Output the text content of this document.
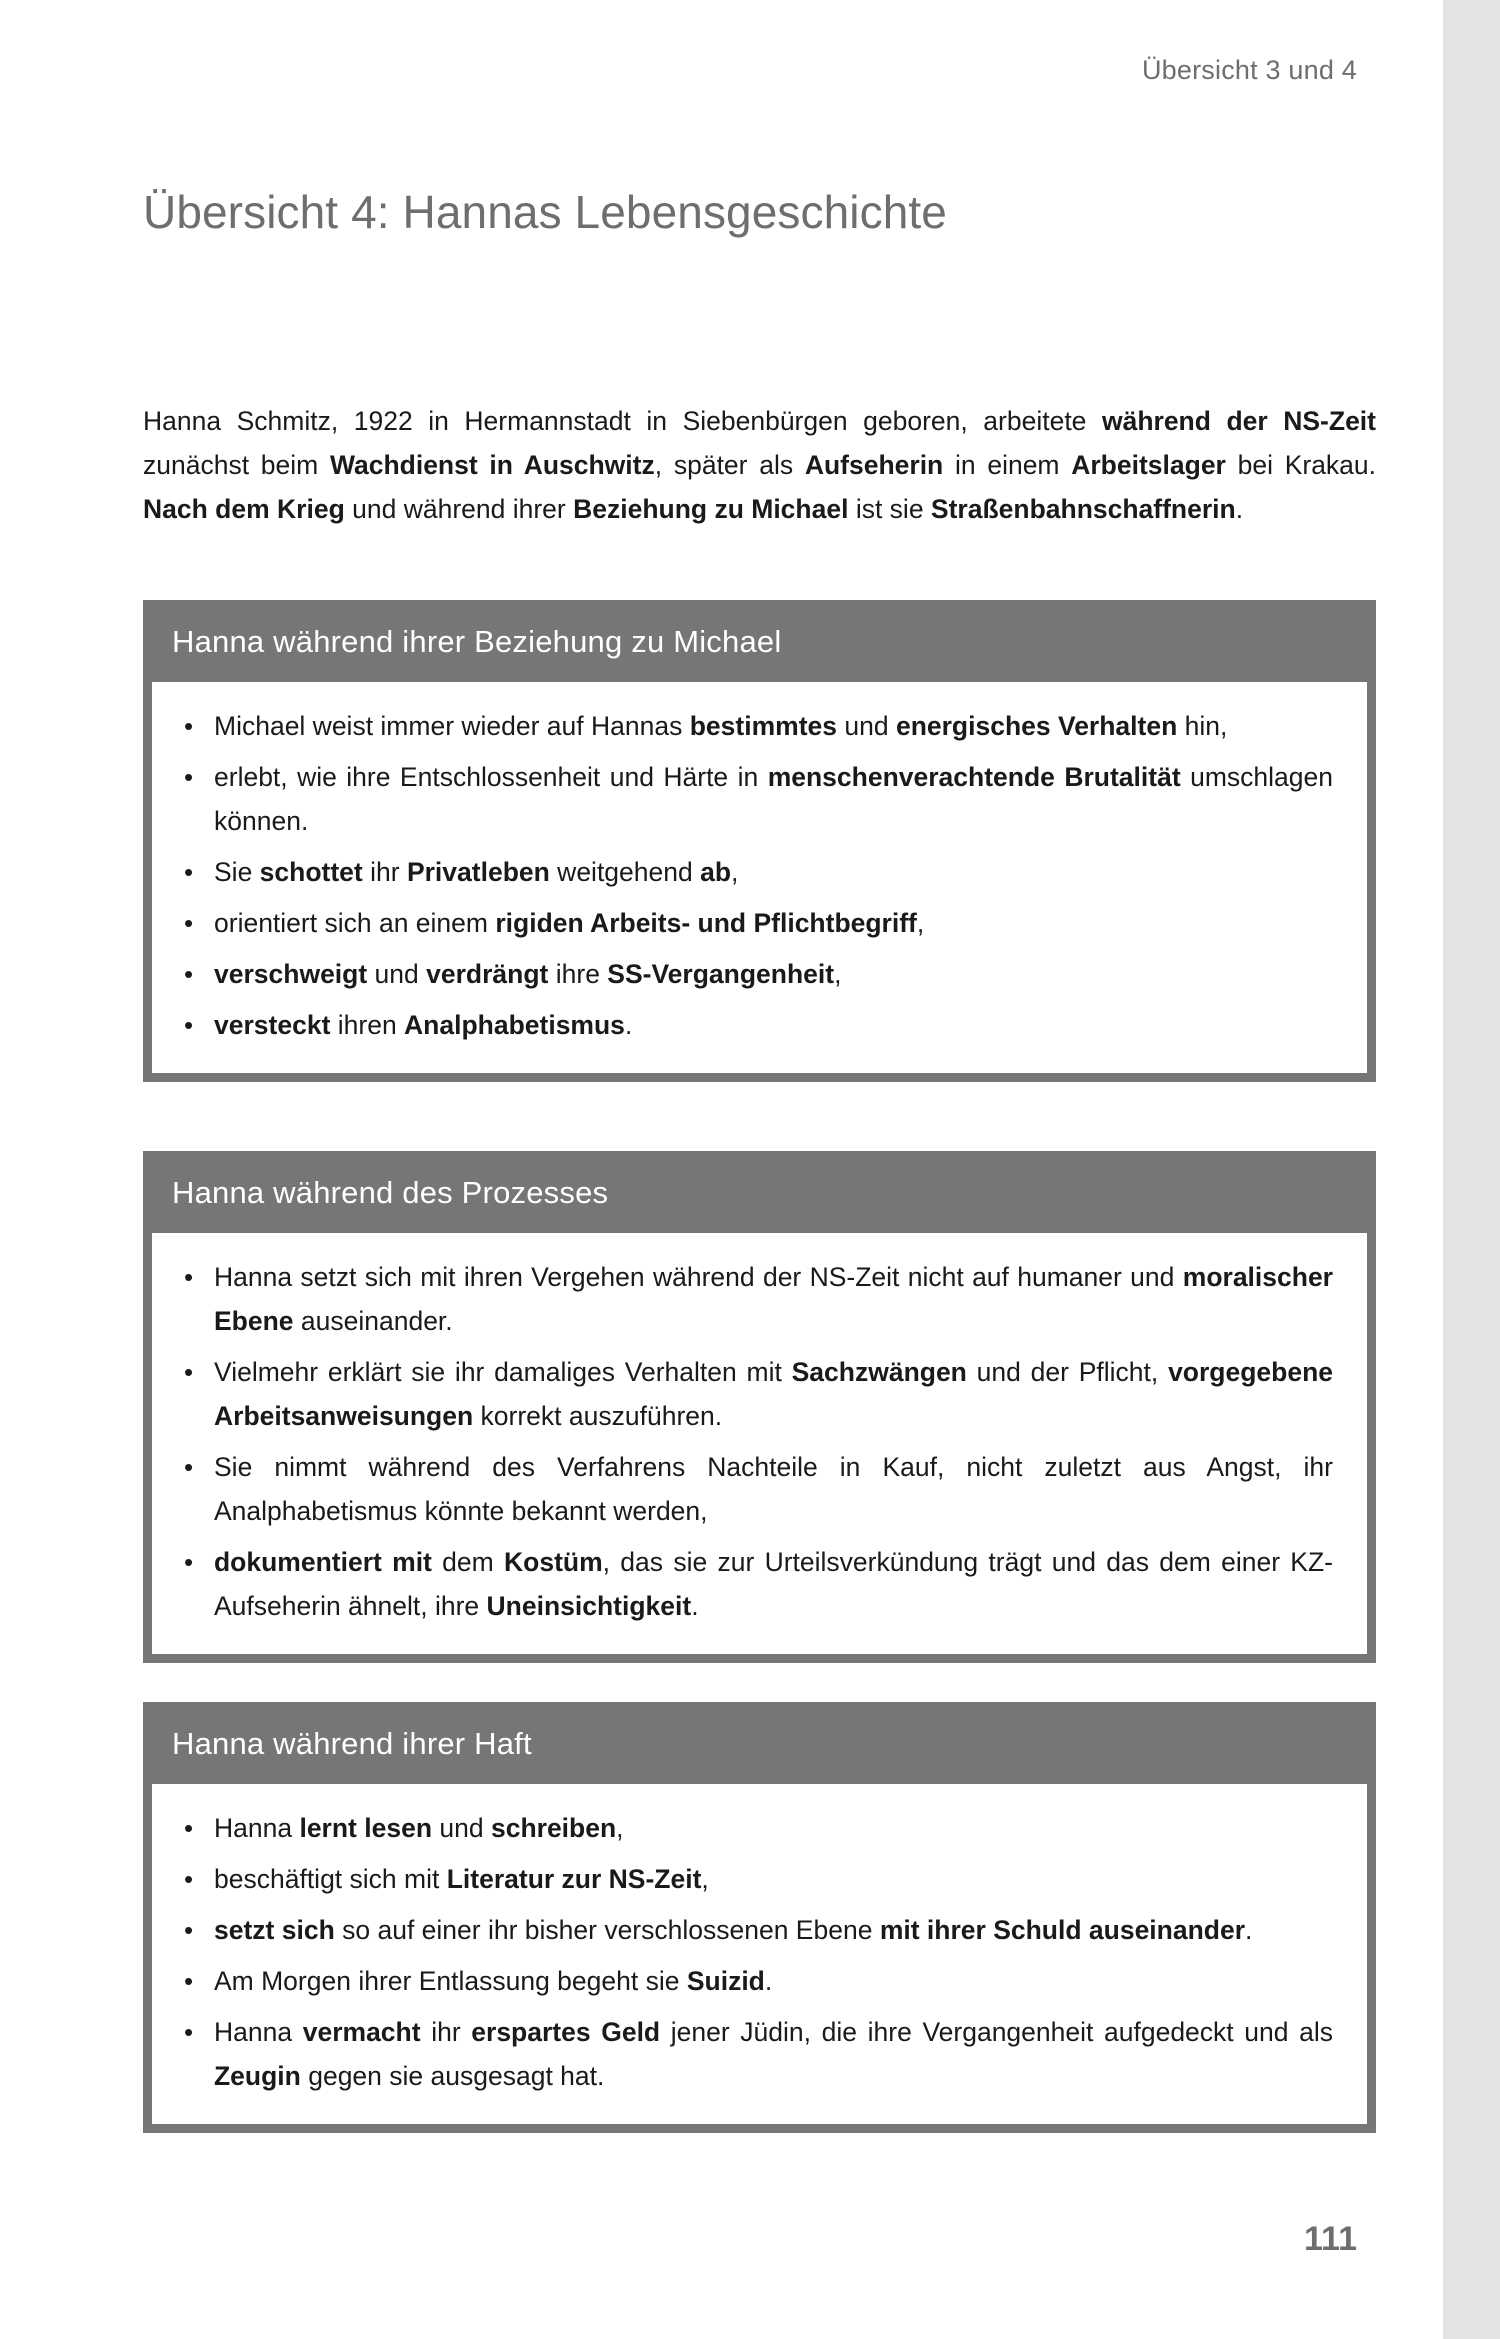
Übersicht 3 und 4
Übersicht 4: Hannas Lebensgeschichte

Hanna Schmitz, 1922 in Hermannstadt in Siebenbürgen geboren, arbeitete während der NS-Zeit zunächst beim Wachdienst in Auschwitz, später als Aufseherin in einem Arbeitslager bei Krakau. Nach dem Krieg und während ihrer Beziehung zu Michael ist sie Straßenbahnschaffnerin.

Hanna während ihrer Beziehung zu Michael
• Michael weist immer wieder auf Hannas bestimmtes und energisches Verhalten hin,
• erlebt, wie ihre Entschlossenheit und Härte in menschenverachtende Brutalität umschlagen können.
• Sie schottet ihr Privatleben weitgehend ab,
• orientiert sich an einem rigiden Arbeits- und Pflichtbegriff,
• verschweigt und verdrängt ihre SS-Vergangenheit,
• versteckt ihren Analphabetismus.
Hanna während des Prozesses
• Hanna setzt sich mit ihren Vergehen während der NS-Zeit nicht auf humaner und moralischer Ebene auseinander.
• Vielmehr erklärt sie ihr damaliges Verhalten mit Sachzwängen und der Pflicht, vorgegebene Arbeitsanweisungen korrekt auszuführen.
• Sie nimmt während des Verfahrens Nachteile in Kauf, nicht zuletzt aus Angst, ihr Analphabetismus könnte bekannt werden,
• dokumentiert mit dem Kostüm, das sie zur Urteilsverkündung trägt und das dem einer KZ-Aufseherin ähnelt, ihre Uneinsichtigkeit.
Hanna während ihrer Haft
• Hanna lernt lesen und schreiben,
• beschäftigt sich mit Literatur zur NS-Zeit,
• setzt sich so auf einer ihr bisher verschlossenen Ebene mit ihrer Schuld auseinander.
• Am Morgen ihrer Entlassung begeht sie Suizid.
• Hanna vermacht ihr erspartes Geld jener Jüdin, die ihre Vergangenheit aufgedeckt und als Zeugin gegen sie ausgesagt hat.
111
